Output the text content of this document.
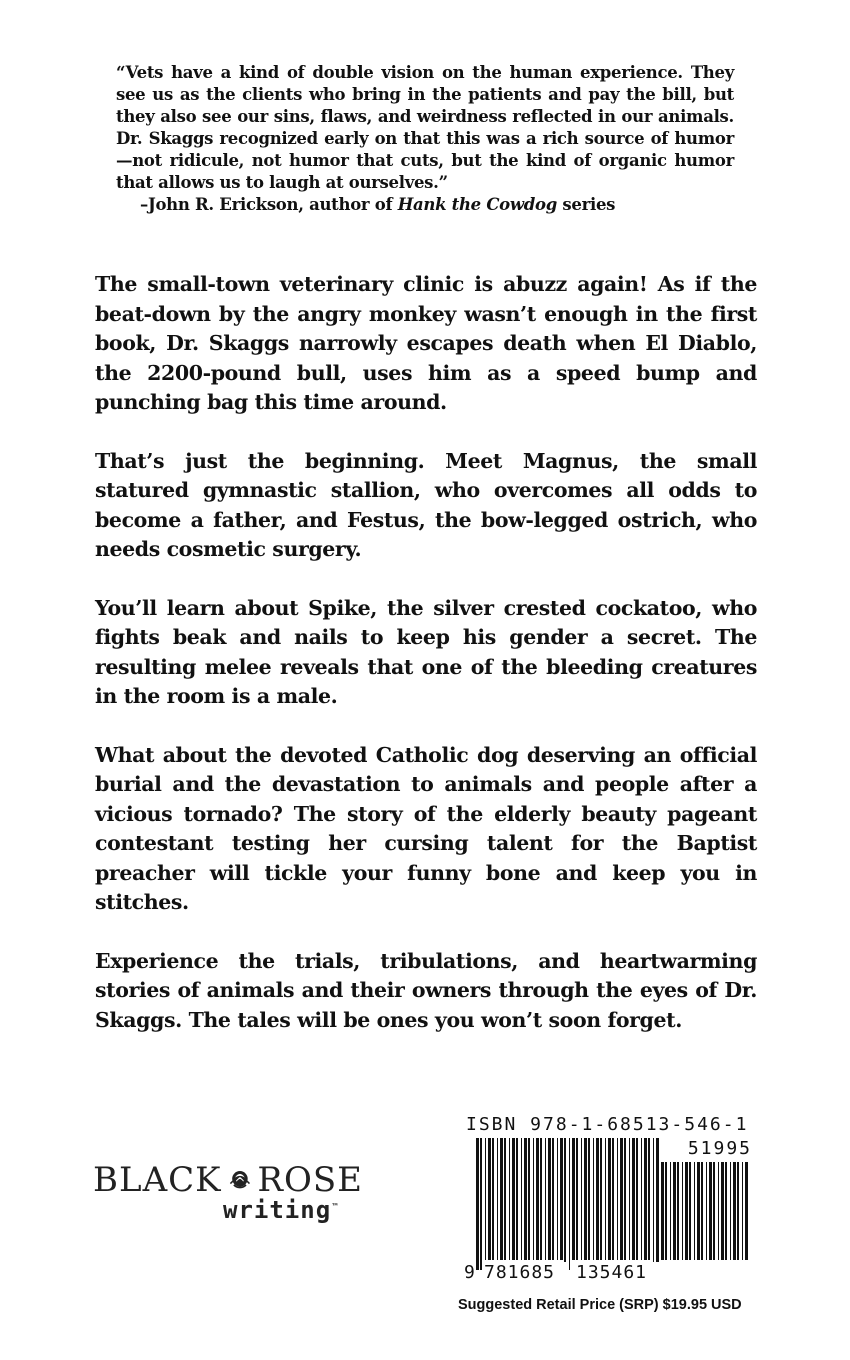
“Vets have a kind of double vision on the human experience. They see us as the clients who bring in the patients and pay the bill, but they also see our sins, flaws, and weirdness reflected in our animals. Dr. Skaggs recognized early on that this was a rich source of humor—not ridicule, not humor that cuts, but the kind of organic humor that allows us to laugh at ourselves.”
–John R. Erickson, author of Hank the Cowdog series

The small-town veterinary clinic is abuzz again! As if the beat-down by the angry monkey wasn’t enough in the first book, Dr. Skaggs narrowly escapes death when El Diablo, the 2200-pound bull, uses him as a speed bump and punching bag this time around.

That’s just the beginning. Meet Magnus, the small statured gymnastic stallion, who overcomes all odds to become a father, and Festus, the bow-legged ostrich, who needs cosmetic surgery.

You’ll learn about Spike, the silver crested cockatoo, who fights beak and nails to keep his gender a secret. The resulting melee reveals that one of the bleeding creatures in the room is a male.

What about the devoted Catholic dog deserving an official burial and the devastation to animals and people after a vicious tornado? The story of the elderly beauty pageant contestant testing her cursing talent for the Baptist preacher will tickle your funny bone and keep you in stitches.

Experience the trials, tribulations, and heartwarming stories of animals and their owners through the eyes of Dr. Skaggs. The tales will be ones you won’t soon forget.

BLACK ROSE
writing™
ISBN 978-1-68513-546-1
51995
9 781685	135461
Suggested Retail Price (SRP) $19.95 USD
